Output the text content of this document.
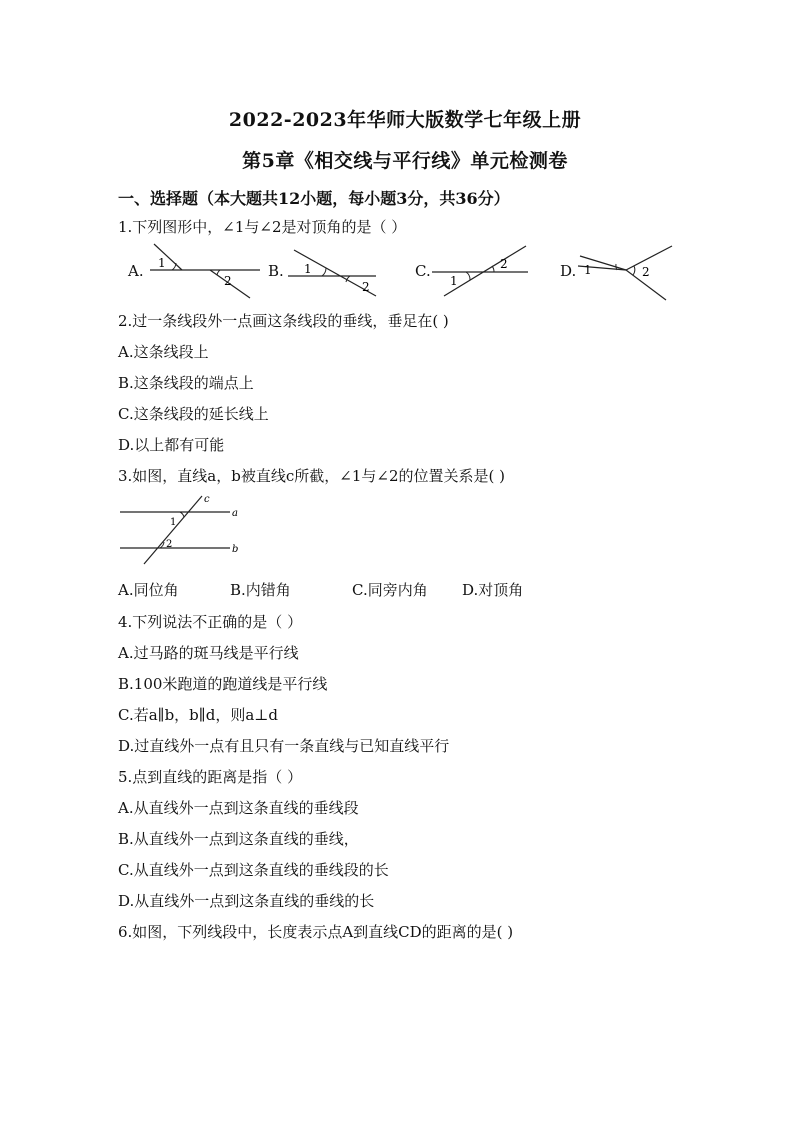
2022-2023年华师大版数学七年级上册
第5章《相交线与平行线》单元检测卷
一、选择题（本大题共12小题，每小题3分，共36分）
1.下列图形中，∠1与∠2是对顶角的是（ ）
A. 1
2
B. 1
2
C.	2
1
D. 1	2
2.过一条线段外一点画这条线段的垂线，垂足在( )
A.这条线段上
B.这条线段的端点上
C.这条线段的延长线上
D.以上都有可能
3.如图，直线a，b被直线c所截，∠1与∠2的位置关系是( )
c
a
b
1
2
A.同位角	B.内错角	C.同旁内角 D.对顶角
4.下列说法不正确的是（ ）
A.过马路的斑马线是平行线
B.100米跑道的跑道线是平行线
C.若a∥b，b∥d，则a⊥d
D.过直线外一点有且只有一条直线与已知直线平行
5.点到直线的距离是指（ ）
A.从直线外一点到这条直线的垂线段
B.从直线外一点到这条直线的垂线，
C.从直线外一点到这条直线的垂线段的长
D.从直线外一点到这条直线的垂线的长
6.如图，下列线段中，长度表示点A到直线CD的距离的是( )
